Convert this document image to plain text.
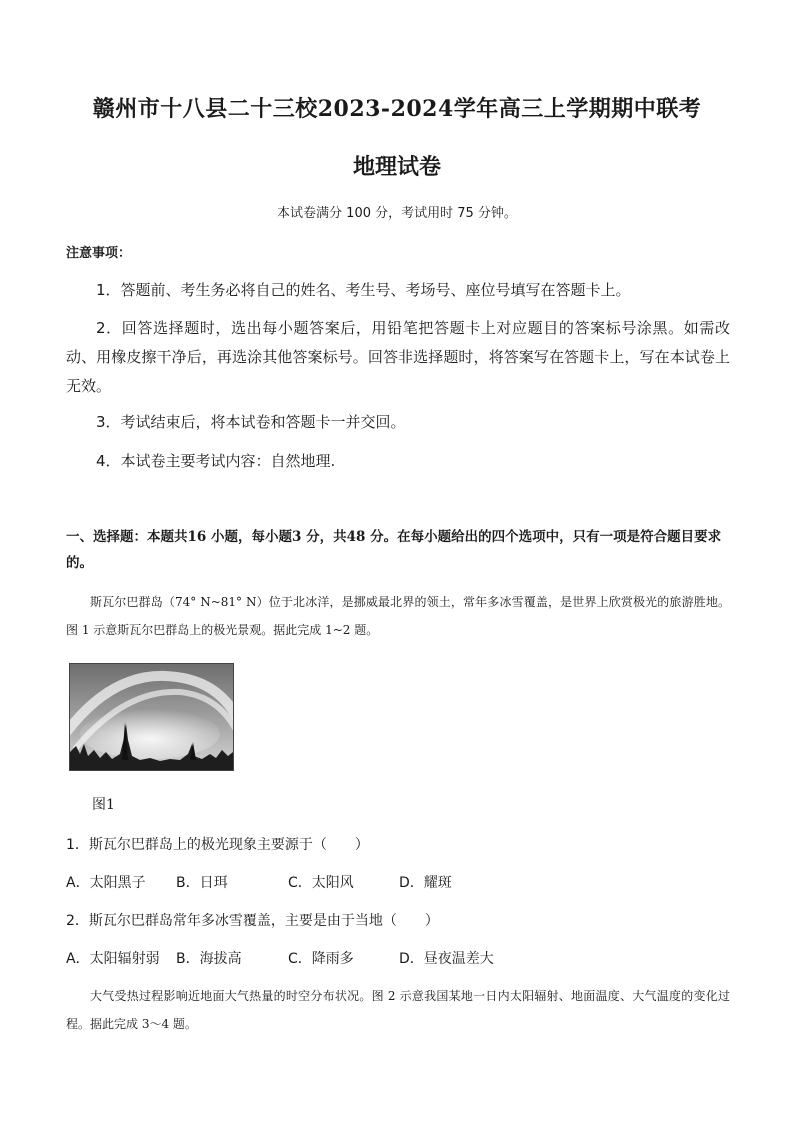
赣州市十八县二十三校2023-2024学年高三上学期期中联考
地理试卷
本试卷满分 100 分，考试用时 75 分钟。
注意事项：
1．答题前、考生务必将自己的姓名、考生号、考场号、座位号填写在答题卡上。
2．回答选择题时，选出每小题答案后，用铅笔把答题卡上对应题目的答案标号涂黑。如需改动、用橡皮擦干净后，再选涂其他答案标号。回答非选择题时，将答案写在答题卡上，写在本试卷上无效。
3．考试结束后，将本试卷和答题卡一并交回。
4．本试卷主要考试内容：自然地理.
一、选择题：本题共16 小题，每小题3 分，共48 分。在每小题给出的四个选项中，只有一项是符合题目要求的。
斯瓦尔巴群岛（74° N~81° N）位于北冰洋，是挪威最北界的领土，常年多冰雪覆盖，是世界上欣赏极光的旅游胜地。图 1 示意斯瓦尔巴群岛上的极光景观。据此完成 1~2 题。
图1
1．斯瓦尔巴群岛上的极光现象主要源于（　　）
A．太阳黑子 B．日珥	C．太阳风	D．耀斑
2．斯瓦尔巴群岛常年多冰雪覆盖，主要是由于当地（　　）
A．太阳辐射弱 B．海拔高	C．降雨多	D．昼夜温差大
大气受热过程影响近地面大气热量的时空分布状况。图 2 示意我国某地一日内太阳辐射、地面温度、大气温度的变化过程。据此完成 3～4 题。
